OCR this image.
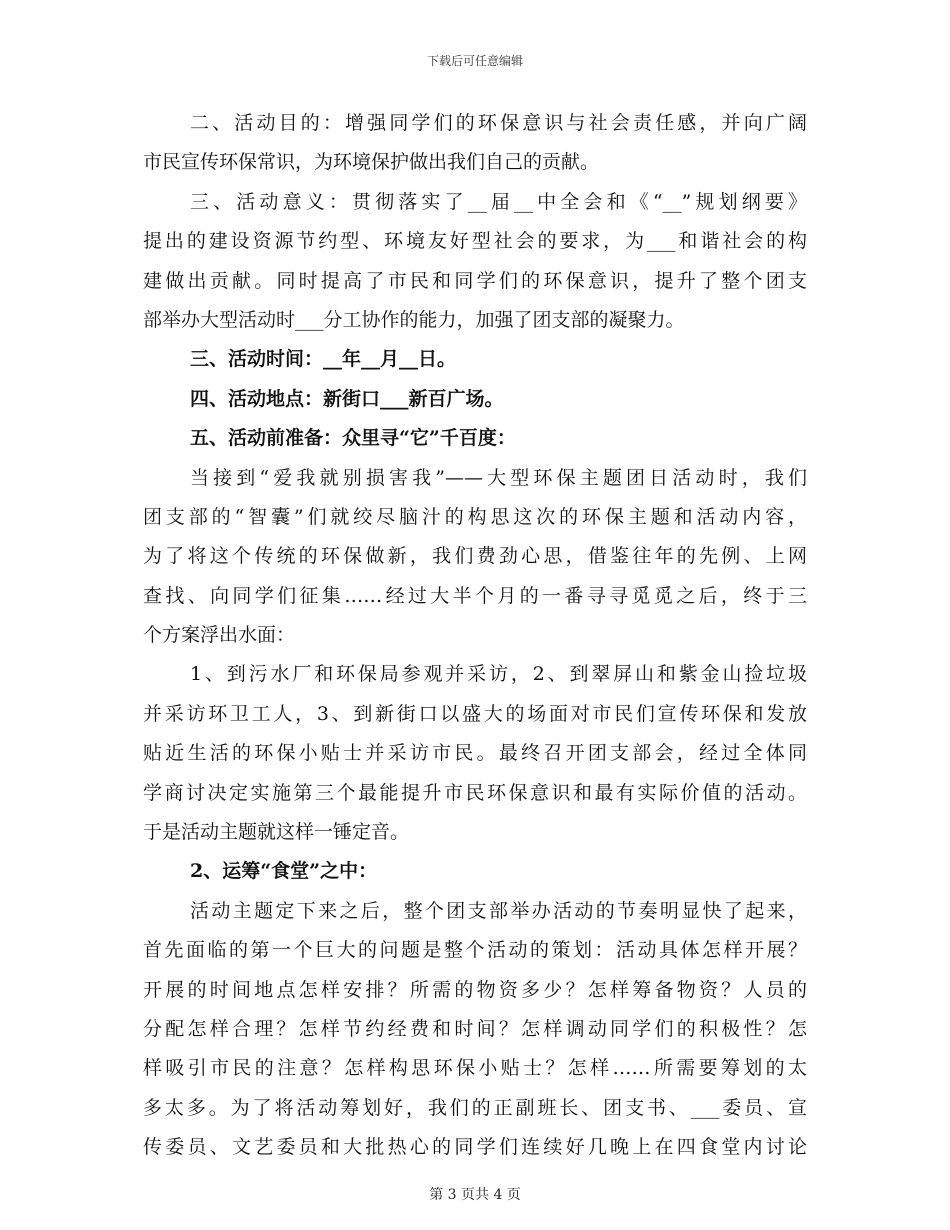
下载后可任意编辑
二、活动目的：增强同学们的环保意识与社会责任感，并向广阔
市民宣传环保常识，为环境保护做出我们自己的贡献。
三、活动意义：贯彻落实了__届__中全会和《“__”规划纲要》
提出的建设资源节约型、环境友好型社会的要求，为___和谐社会的构
建做出贡献。同时提高了市民和同学们的环保意识，提升了整个团支
部举办大型活动时___分工协作的能力，加强了团支部的凝聚力。
三、活动时间：__年__月__日。
四、活动地点：新街口___新百广场。
五、活动前准备：众里寻“它”千百度：
当接到“爱我就别损害我”——大型环保主题团日活动时，我们
团支部的“智囊”们就绞尽脑汁的构思这次的环保主题和活动内容，
为了将这个传统的环保做新，我们费劲心思，借鉴往年的先例、上网
查找、向同学们征集……经过大半个月的一番寻寻觅觅之后，终于三
个方案浮出水面：
1、到污水厂和环保局参观并采访，2、到翠屏山和紫金山捡垃圾
并采访环卫工人，3、到新街口以盛大的场面对市民们宣传环保和发放
贴近生活的环保小贴士并采访市民。最终召开团支部会，经过全体同
学商讨决定实施第三个最能提升市民环保意识和最有实际价值的活动。
于是活动主题就这样一锤定音。
2、运筹“食堂”之中：
活动主题定下来之后，整个团支部举办活动的节奏明显快了起来，
首先面临的第一个巨大的问题是整个活动的策划：活动具体怎样开展？
开展的时间地点怎样安排？所需的物资多少？怎样筹备物资？人员的
分配怎样合理？怎样节约经费和时间？怎样调动同学们的积极性？怎
样吸引市民的注意？怎样构思环保小贴士？怎样……所需要筹划的太
多太多。为了将活动筹划好，我们的正副班长、团支书、___委员、宣
传委员、文艺委员和大批热心的同学们连续好几晚上在四食堂内讨论
第 3 页共 4 页
